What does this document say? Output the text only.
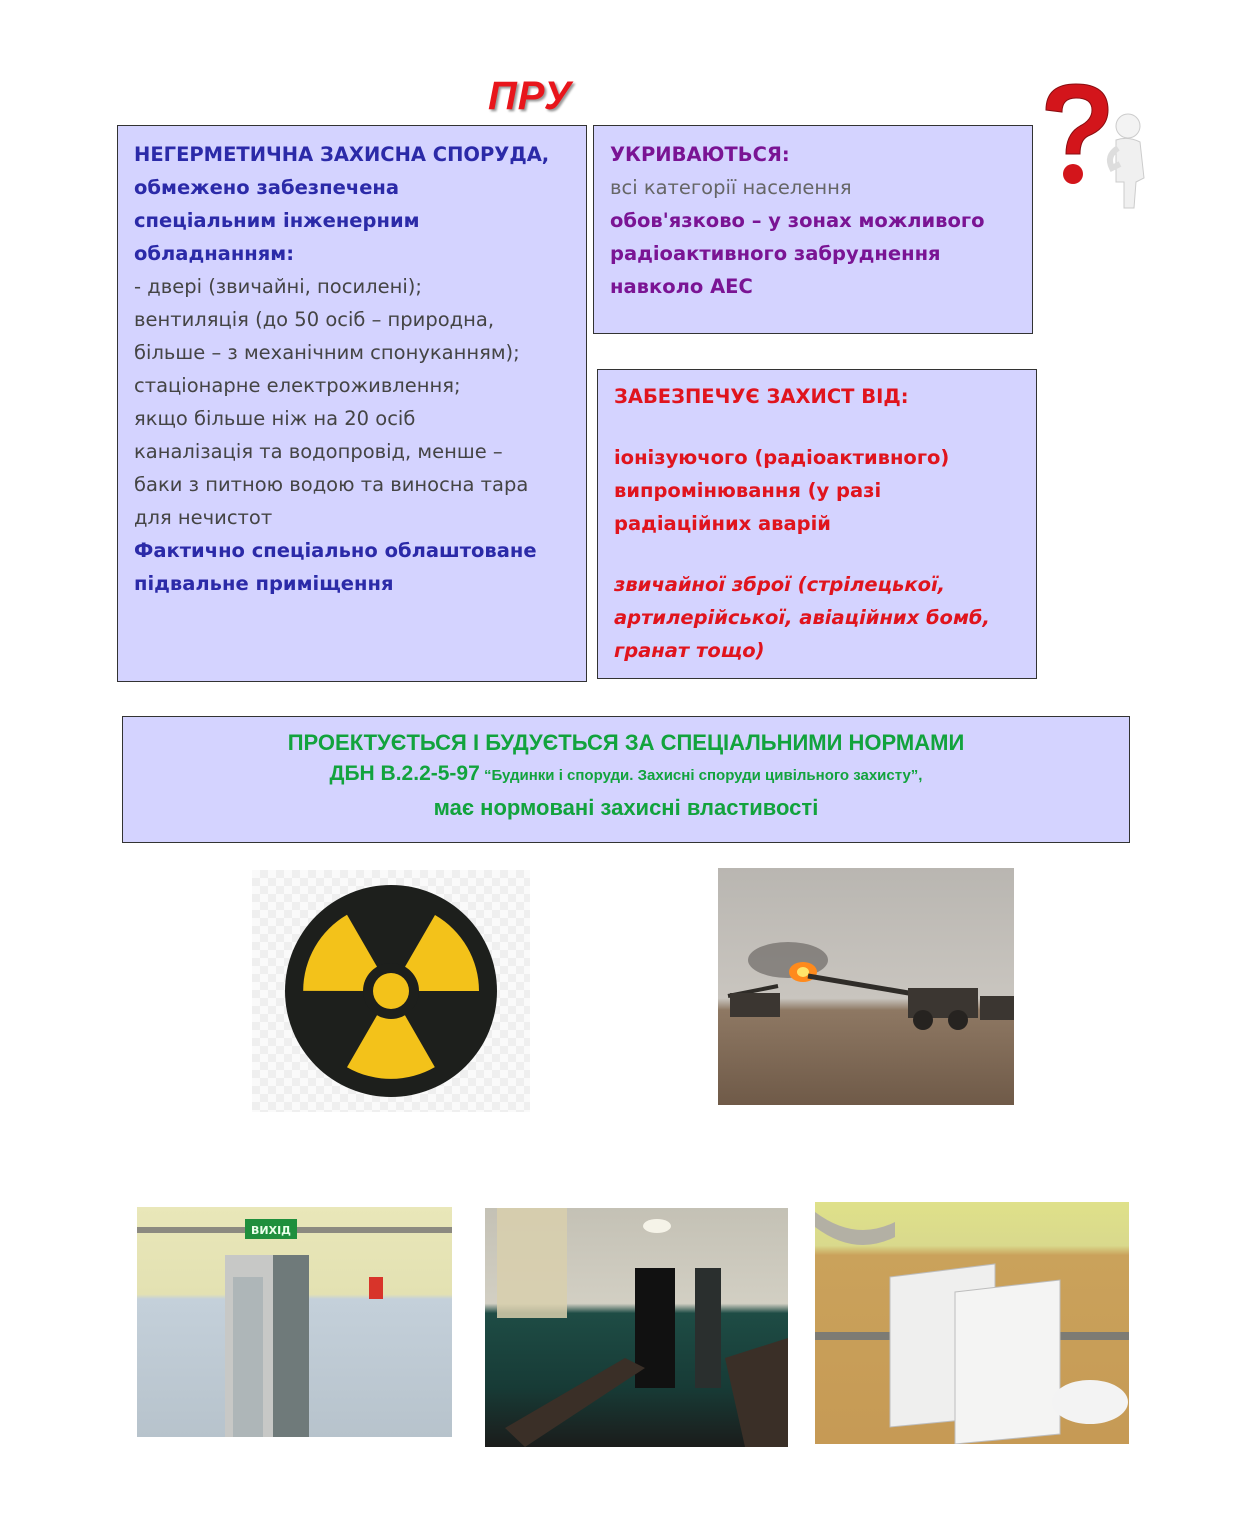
ПРУ

НЕГЕРМЕТИЧНА ЗАХИСНА СПОРУДА,

обмежено забезпечена

спеціальним інженерним

обладнанням:

- двері (звичайні, посилені);

вентиляція (до 50 осіб – природна,

більше – з механічним спонуканням);

стаціонарне електроживлення;

якщо більше ніж на 20 осіб

каналізація та водопровід, менше –

баки з питною водою та виносна тара

для нечистот

Фактично спеціально облаштоване

підвальне приміщення

УКРИВАЮТЬСЯ:

всі категорії населення

обов'язково – у зонах можливого

радіоактивного забруднення

навколо АЕС

ЗАБЕЗПЕЧУЄ ЗАХИСТ ВІД:

іонізуючого (радіоактивного)

випромінювання (у разі

радіаційних аварій

звичайної зброї (стрілецької,

артилерійської, авіаційних бомб,

гранат тощо)

ПРОЕКТУЄТЬСЯ І БУДУЄТЬСЯ ЗА СПЕЦІАЛЬНИМИ НОРМАМИ
ДБН В.2.2-5-97 “Будинки і споруди. Захисні споруди цивільного захисту”,
має нормовані захисні властивості
ВИХІД
